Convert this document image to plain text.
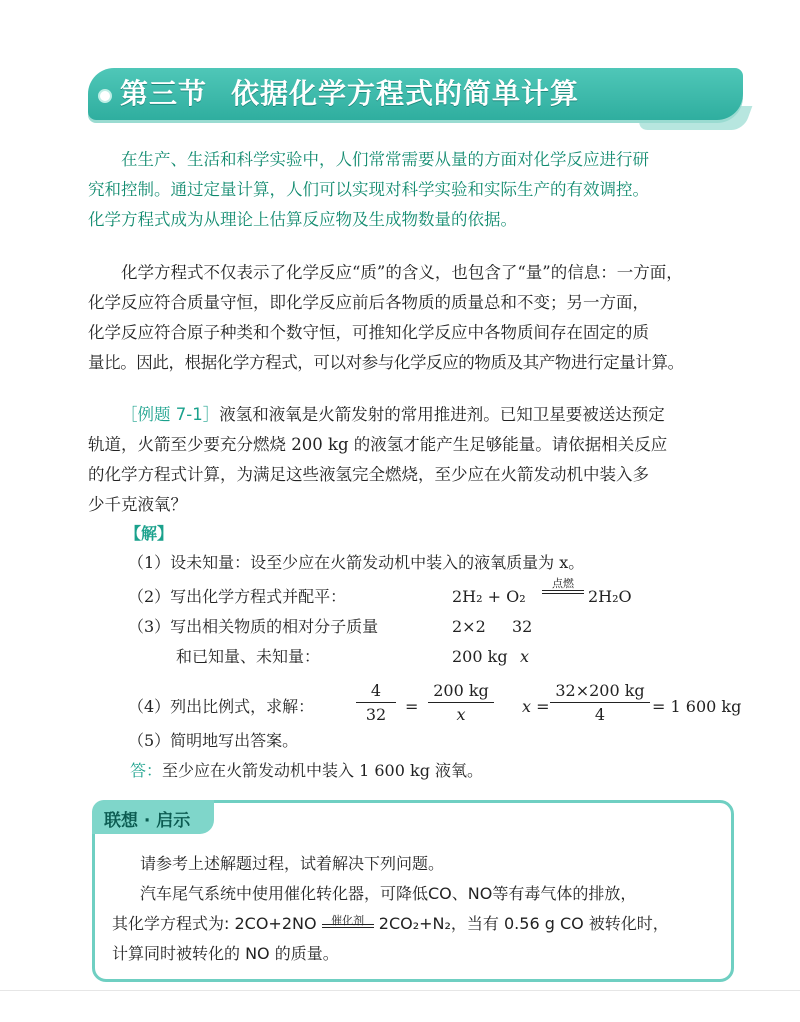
第三节 依据化学方程式的简单计算
在生产、生活和科学实验中，人们常常需要从量的方面对化学反应进行研
究和控制。通过定量计算，人们可以实现对科学实验和实际生产的有效调控。
化学方程式成为从理论上估算反应物及生成物数量的依据。
化学方程式不仅表示了化学反应“质”的含义，也包含了“量”的信息：一方面，
化学反应符合质量守恒，即化学反应前后各物质的质量总和不变；另一方面，
化学反应符合原子种类和个数守恒，可推知化学反应中各物质间存在固定的质
量比。因此，根据化学方程式，可以对参与化学反应的物质及其产物进行定量计算。
［例题 7-1］液氢和液氧是火箭发射的常用推进剂。已知卫星要被送达预定
轨道，火箭至少要充分燃烧 200 kg 的液氢才能产生足够能量。请依据相关反应
的化学方程式计算，为满足这些液氢完全燃烧，至少应在火箭发动机中装入多
少千克液氧？
【解】
（1）设未知量：设至少应在火箭发动机中装入的液氧质量为 x。
（2）写出化学方程式并配平：	2H₂ + O₂
点燃
2H₂O
（3）写出相关物质的相对分子质量	2×2 32
和已知量、未知量：	200 kg x
（4）列出比例式，求解：	$\frac{4}{32} = \frac{200 kg}{x}$ $x = \frac{32\times 200 kg}{4} = 1$ 600 kg
（5）简明地写出答案。
答：至少应在火箭发动机中装入 1 600 kg 液氧。
联想 · 启示
请参考上述解题过程，试着解决下列问题。
汽车尾气系统中使用催化转化器，可降低CO、NO等有毒气体的排放，
其化学方程式为: 2CO+2NO	催化剂 2CO₂+N₂，当有 0.56 g CO 被转化时，
计算同时被转化的 NO 的质量。
